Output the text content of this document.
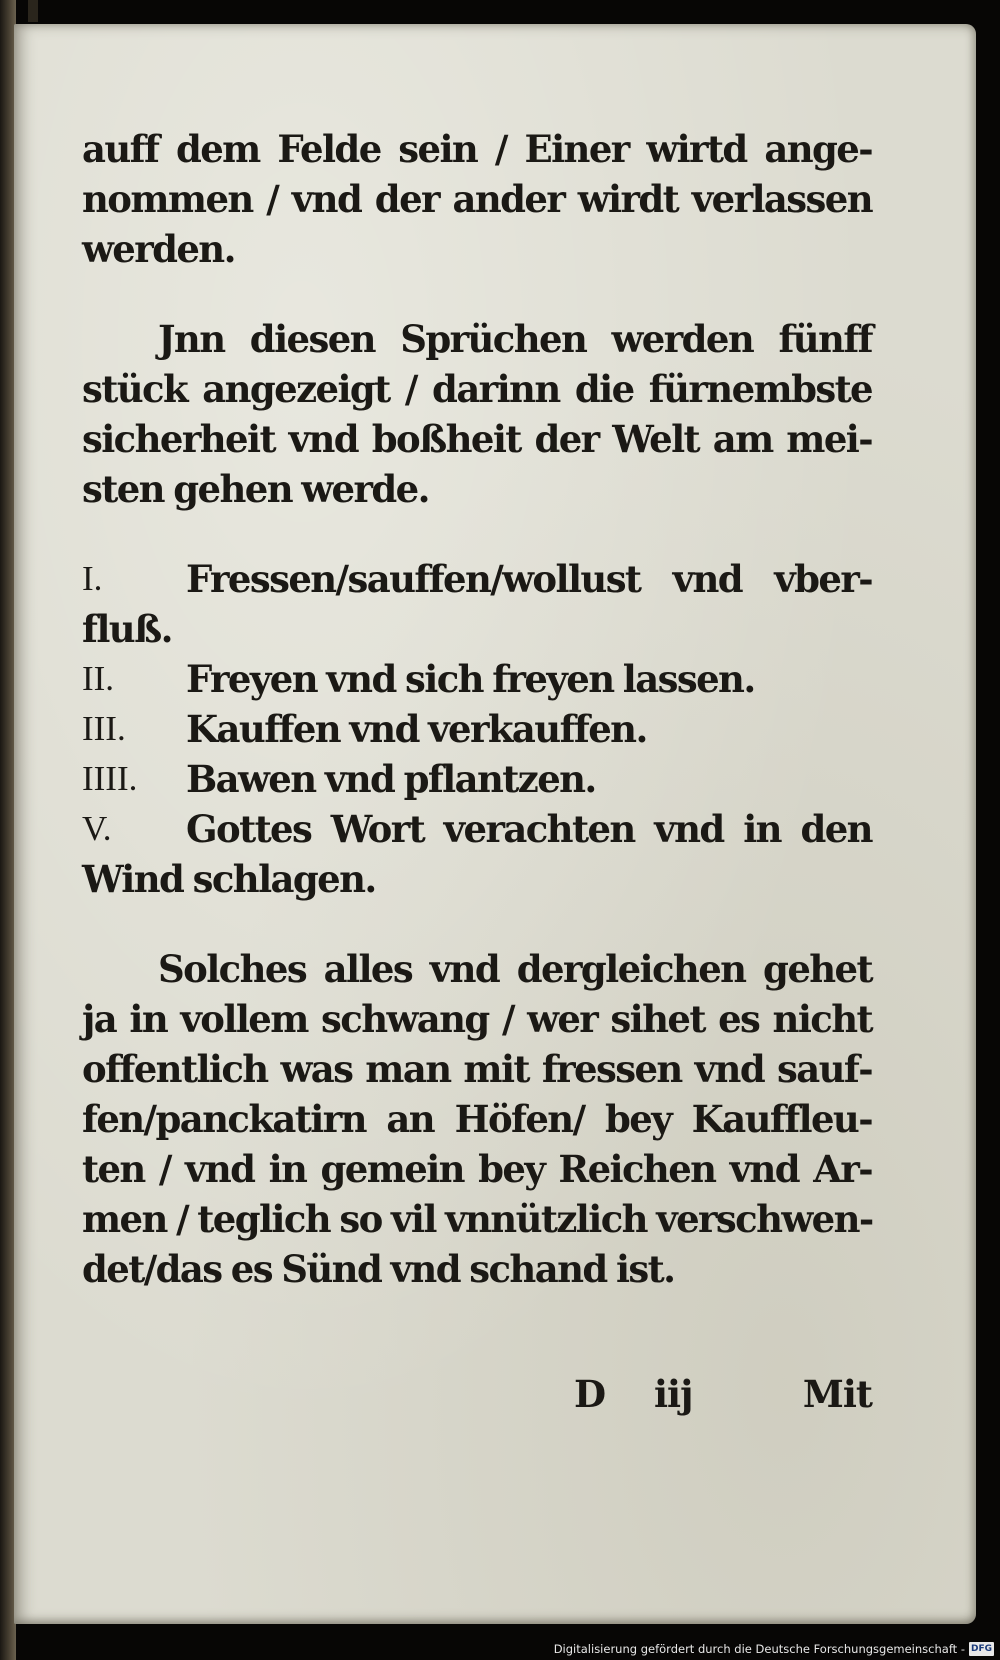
auff dem Felde sein / Einer wirtd ange‐
nommen / vnd der ander wirdt verlassen
werden.
Jnn diesen Sprüchen werden fünff
stück angezeigt / darinn die fürnembste
sicherheit vnd boßheit der Welt am mei‐
sten gehen werde.
I.	Fressen/sauffen/wollust vnd vber‐
fluß.
II.	Freyen vnd sich freyen lassen.
III.	Kauffen vnd verkauffen.
IIII.	Bawen vnd pflantzen.
V.	Gottes Wort verachten vnd in den
Wind schlagen.
Solches alles vnd dergleichen gehet
ja in vollem schwang / wer sihet es nicht
offentlich was man mit fressen vnd sauf‐
fen/panckatirn an Höfen/ bey Kauffleu‐
ten / vnd in gemein bey Reichen vnd Ar‐
men / teglich so vil vnnützlich verschwen‐
det/das es Sünd vnd schand ist.
D iij	Mit
Digitalisierung gefördert durch die Deutsche Forschungsgemeinschaft - DFG
